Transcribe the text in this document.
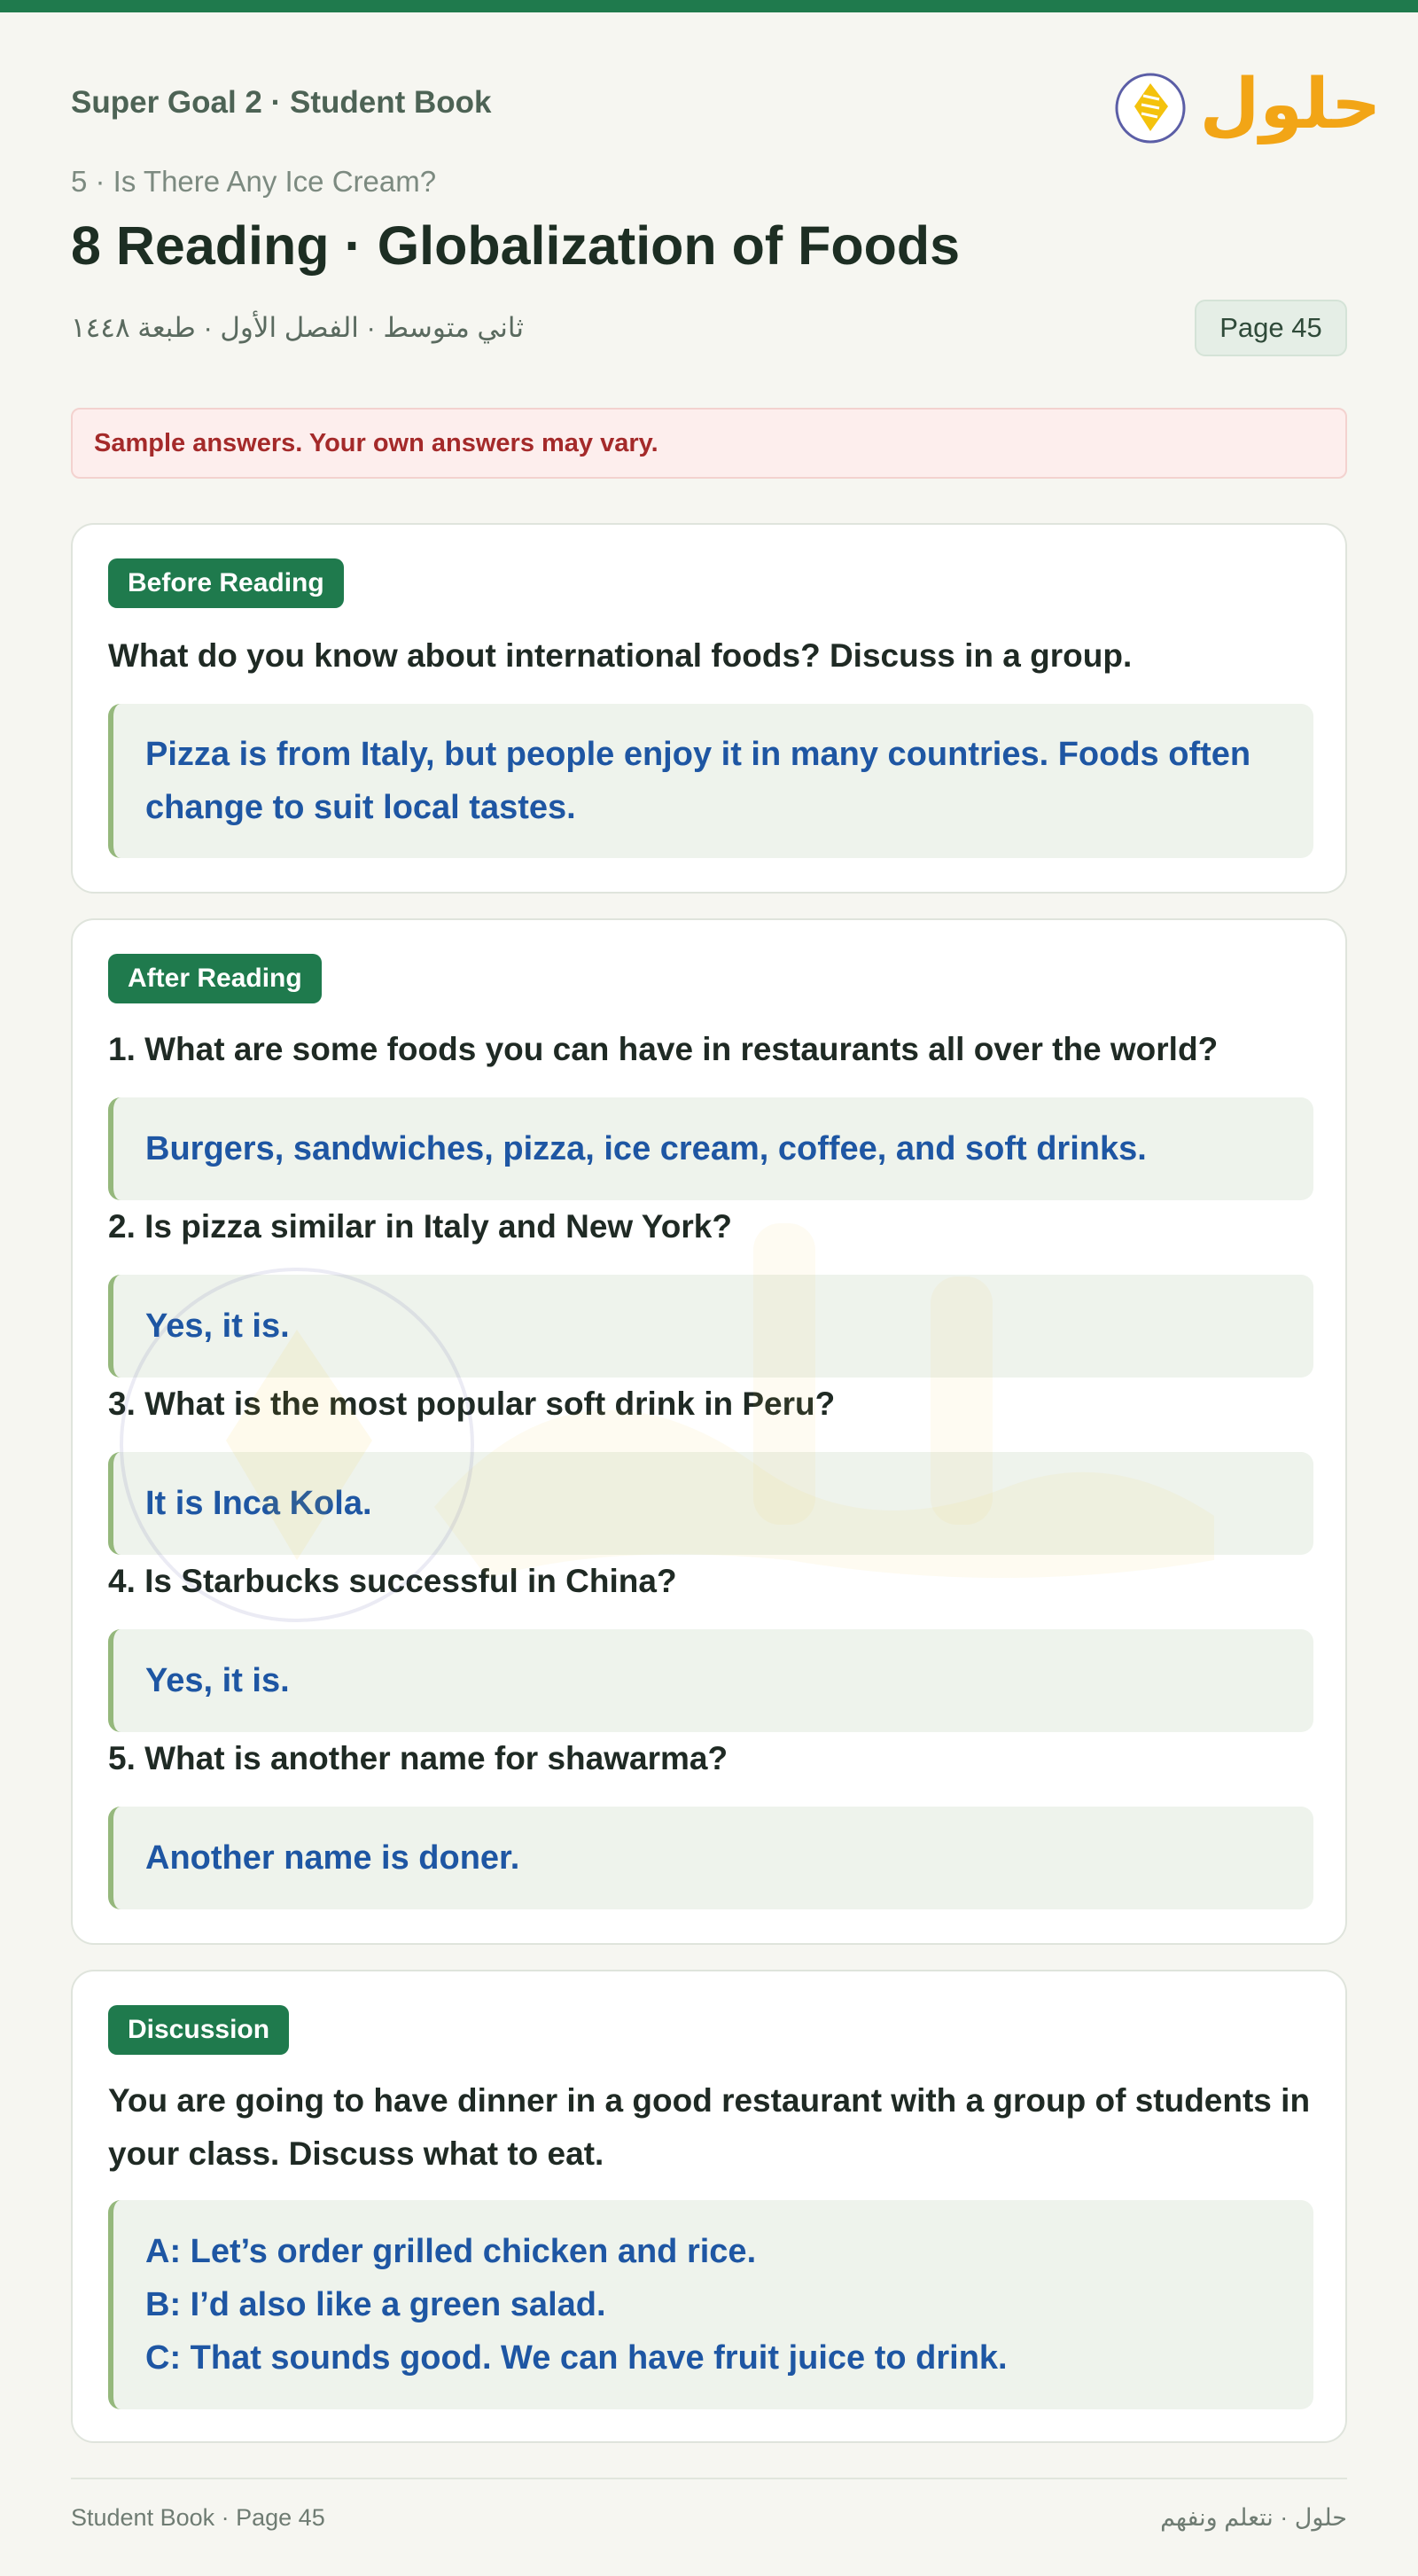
Super Goal 2 · Student Book	حلول
5 · Is There Any Ice Cream?
8 Reading · Globalization of Foods
ثاني متوسط · الفصل الأول · طبعة ١٤٤٨	Page 45
Sample answers. Your own answers may vary.
Before Reading
What do you know about international foods? Discuss in a group.
Pizza is from Italy, but people enjoy it in many countries. Foods often change to suit local tastes.
After Reading
1. What are some foods you can have in restaurants all over the world?
Burgers, sandwiches, pizza, ice cream, coffee, and soft drinks.
2. Is pizza similar in Italy and New York?
Yes, it is.
3. What is the most popular soft drink in Peru?
It is Inca Kola.
4. Is Starbucks successful in China?
Yes, it is.
5. What is another name for shawarma?
Another name is doner.
Discussion
You are going to have dinner in a good restaurant with a group of students in your class. Discuss what to eat.
A: Let’s order grilled chicken and rice.
B: I’d also like a green salad.
C: That sounds good. We can have fruit juice to drink.
Student Book · Page 45	حلول · نتعلم ونفهم
